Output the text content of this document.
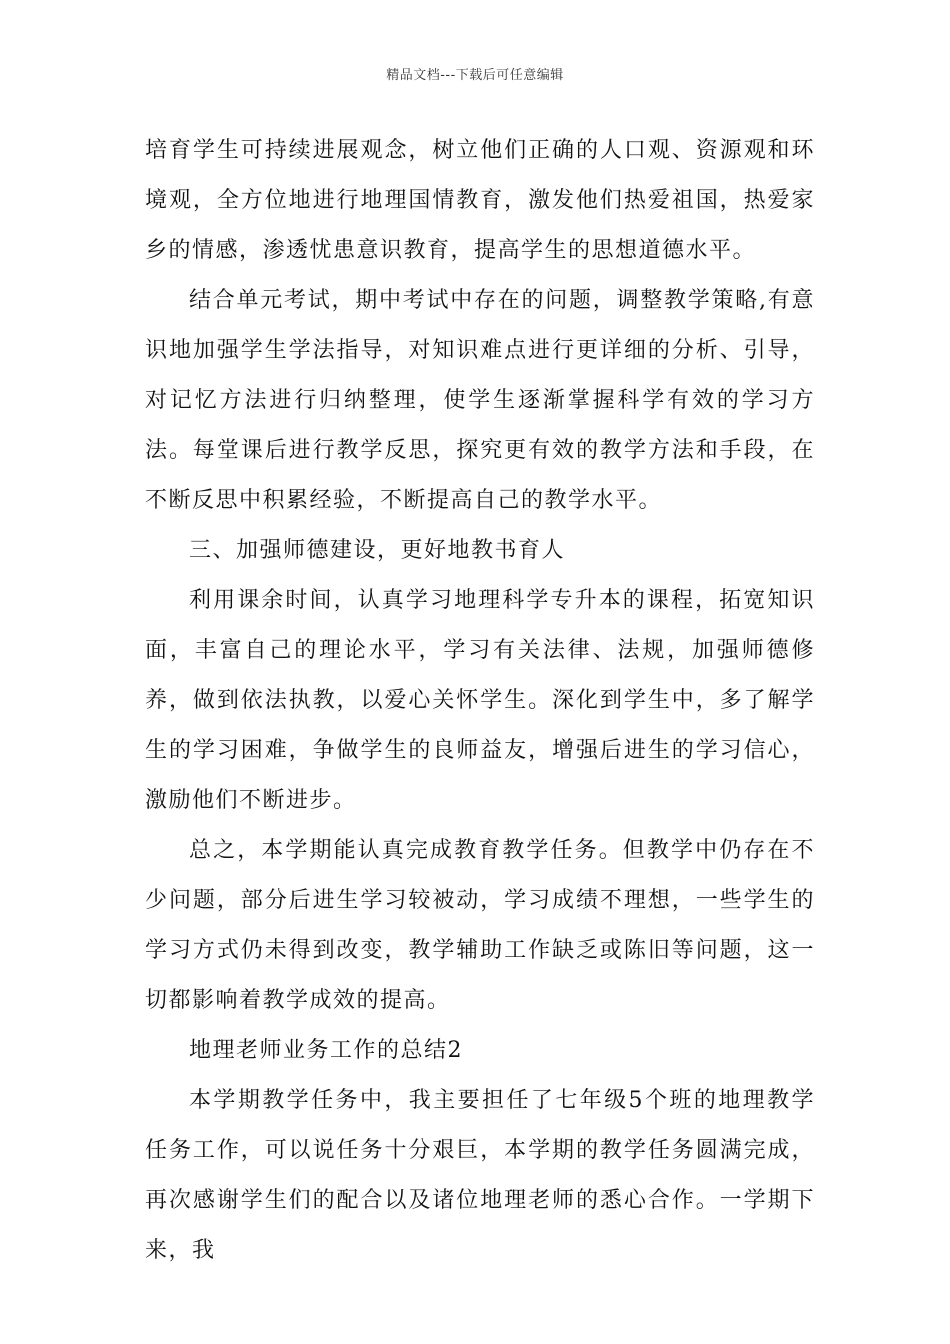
精品文档---下载后可任意编辑

培育学生可持续进展观念，树立他们正确的人口观、资源观和环境观，全方位地进行地理国情教育，激发他们热爱祖国，热爱家乡的情感，渗透忧患意识教育，提高学生的思想道德水平。

结合单元考试，期中考试中存在的问题，调整教学策略,有意识地加强学生学法指导，对知识难点进行更详细的分析、引导，对记忆方法进行归纳整理，使学生逐渐掌握科学有效的学习方法。每堂课后进行教学反思，探究更有效的教学方法和手段，在不断反思中积累经验，不断提高自己的教学水平。

三、加强师德建设，更好地教书育人

利用课余时间，认真学习地理科学专升本的课程，拓宽知识面，丰富自己的理论水平，学习有关法律、法规，加强师德修养，做到依法执教，以爱心关怀学生。深化到学生中，多了解学生的学习困难，争做学生的良师益友，增强后进生的学习信心，激励他们不断进步。

总之，本学期能认真完成教育教学任务。但教学中仍存在不少问题，部分后进生学习较被动，学习成绩不理想，一些学生的学习方式仍未得到改变，教学辅助工作缺乏或陈旧等问题，这一切都影响着教学成效的提高。

地理老师业务工作的总结2

本学期教学任务中，我主要担任了七年级5个班的地理教学任务工作，可以说任务十分艰巨，本学期的教学任务圆满完成，再次感谢学生们的配合以及诸位地理老师的悉心合作。一学期下来，我
